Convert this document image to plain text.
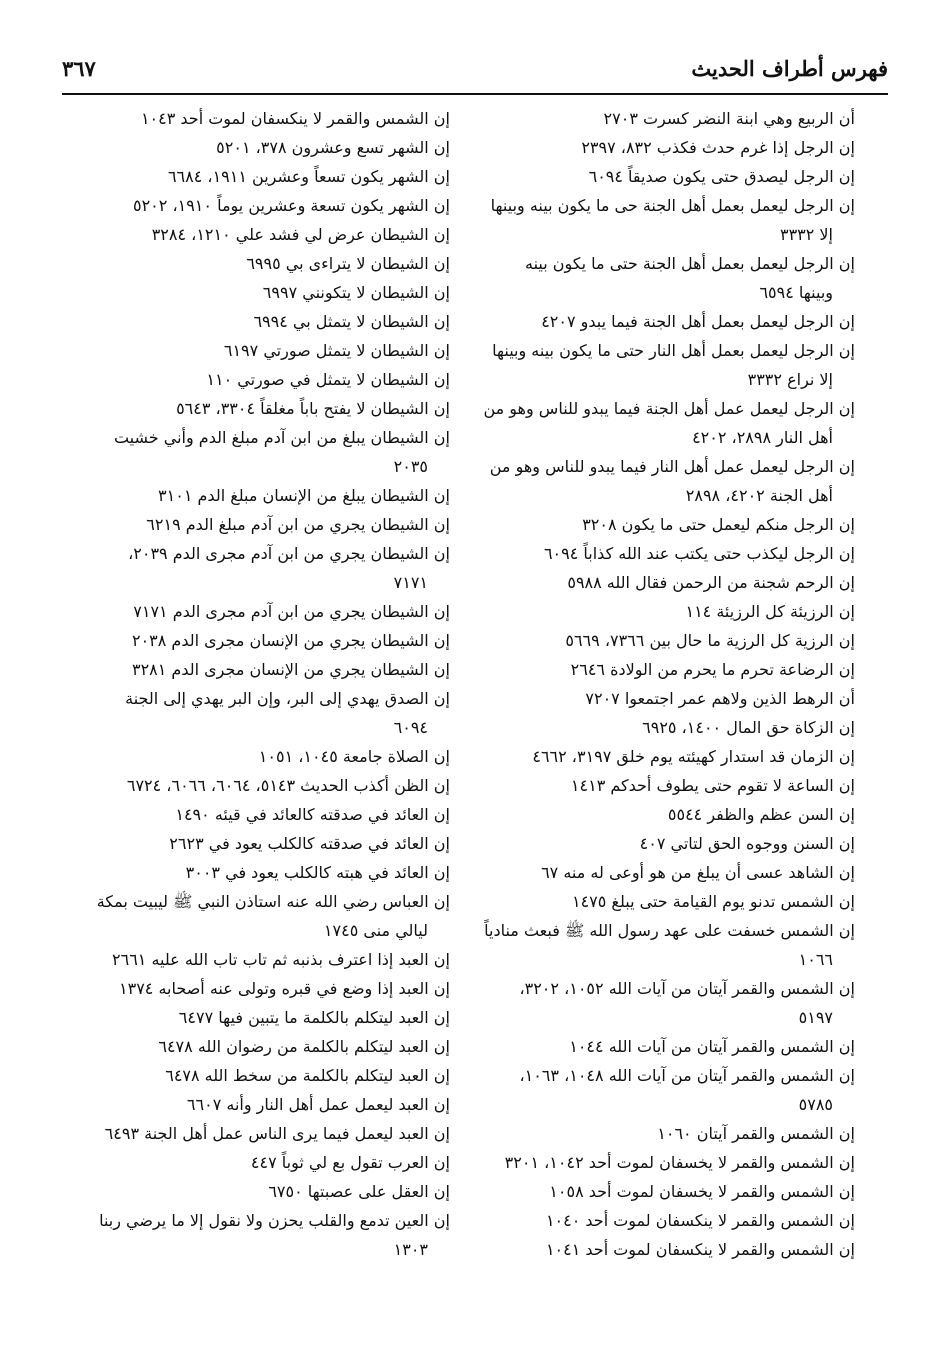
فهرس أطراف الحديث
٣٦٧
أن الربيع وهي ابنة النضر كسرت ٢٧٠٣
إن الرجل إذا غرم حدث فكذب ٨٣٢، ٢٣٩٧
إن الرجل ليصدق حتى يكون صديقاً ٦٠٩٤
إن الرجل ليعمل بعمل أهل الجنة حى ما يكون بينه وبينها
إلا ٣٣٣٢
إن الرجل ليعمل بعمل أهل الجنة حتى ما يكون بينه
وبينها ٦٥٩٤
إن الرجل ليعمل بعمل أهل الجنة فيما يبدو ٤٢٠٧
إن الرجل ليعمل بعمل أهل النار حتى ما يكون بينه وبينها
إلا نراع ٣٣٣٢
إن الرجل ليعمل عمل أهل الجنة فيما يبدو للناس وهو من
أهل النار ٢٨٩٨، ٤٢٠٢
إن الرجل ليعمل عمل أهل النار فيما يبدو للناس وهو من
أهل الجنة ٤٢٠٢، ٢٨٩٨
إن الرجل منكم ليعمل حتى ما يكون ٣٢٠٨
إن الرجل ليكذب حتى يكتب عند الله كذاباً ٦٠٩٤
إن الرحم شجنة من الرحمن فقال الله ٥٩٨٨
إن الرزيئة كل الرزيئة ١١٤
إن الرزية كل الرزية ما حال بين ٧٣٦٦، ٥٦٦٩
إن الرضاعة تحرم ما يحرم من الولادة ٢٦٤٦
أن الرهط الذين ولاهم عمر اجتمعوا ٧٢٠٧
إن الزكاة حق المال ١٤٠٠، ٦٩٢٥
إن الزمان قد استدار كهيئته يوم خلق ٣١٩٧، ٤٦٦٢
إن الساعة لا تقوم حتى يطوف أحدكم ١٤١٣
إن السن عظم والظفر ٥٥٤٤
إن السنن ووجوه الحق لتاتي ٤٠٧
إن الشاهد عسى أن يبلغ من هو أوعى له منه ٦٧
إن الشمس تدنو يوم القيامة حتى يبلغ ١٤٧٥
إن الشمس خسفت على عهد رسول الله ﷺ فبعث منادياً
١٠٦٦
إن الشمس والقمر آيتان من آيات الله ١٠٥٢، ٣٢٠٢،
٥١٩٧
إن الشمس والقمر آيتان من آيات الله ١٠٤٤
إن الشمس والقمر آيتان من آيات الله ١٠٤٨، ١٠٦٣،
٥٧٨٥
إن الشمس والقمر آيتان ١٠٦٠
إن الشمس والقمر لا يخسفان لموت أحد ١٠٤٢، ٣٢٠١
إن الشمس والقمر لا يخسفان لموت أحد ١٠٥٨
إن الشمس والقمر لا ينكسفان لموت أحد ١٠٤٠
إن الشمس والقمر لا ينكسفان لموت أحد ١٠٤١
إن الشمس والقمر لا ينكسفان لموت أحد ١٠٤٣
إن الشهر تسع وعشرون ٣٧٨، ٥٢٠١
إن الشهر يكون تسعاً وعشرين ١٩١١، ٦٦٨٤
إن الشهر يكون تسعة وعشرين يوماً ١٩١٠، ٥٢٠٢
إن الشيطان عرض لي فشد علي ١٢١٠، ٣٢٨٤
إن الشيطان لا يتراءى بي ٦٩٩٥
إن الشيطان لا يتكونني ٦٩٩٧
إن الشيطان لا يتمثل بي ٦٩٩٤
إن الشيطان لا يتمثل صورتي ٦١٩٧
إن الشيطان لا يتمثل في صورتي ١١٠
إن الشيطان لا يفتح باباً مغلقاً ٣٣٠٤، ٥٦٤٣
إن الشيطان يبلغ من ابن آدم مبلغ الدم وأني خشيت
٢٠٣٥
إن الشيطان يبلغ من الإنسان مبلغ الدم ٣١٠١
إن الشيطان يجري من ابن آدم مبلغ الدم ٦٢١٩
إن الشيطان يجري من ابن آدم مجرى الدم ٢٠٣٩،
٧١٧١
إن الشيطان يجري من ابن آدم مجرى الدم ٧١٧١
إن الشيطان يجري من الإنسان مجرى الدم ٢٠٣٨
إن الشيطان يجري من الإنسان مجرى الدم ٣٢٨١
إن الصدق يهدي إلى البر، وإن البر يهدي إلى الجنة
٦٠٩٤
إن الصلاة جامعة ١٠٤٥، ١٠٥١
إن الظن أكذب الحديث ٥١٤٣، ٦٠٦٤، ٦٠٦٦، ٦٧٢٤
إن العائد في صدقته كالعائد في قيئه ١٤٩٠
إن العائد في صدقته كالكلب يعود في ٢٦٢٣
إن العائد في هبته كالكلب يعود في ٣٠٠٣
إن العباس رضي الله عنه استاذن النبي ﷺ ليبيت بمكة
ليالي منى ١٧٤٥
إن العبد إذا اعترف بذنبه ثم تاب تاب الله عليه ٢٦٦١
إن العبد إذا وضع في قبره وتولى عنه أصحابه ١٣٧٤
إن العبد ليتكلم بالكلمة ما يتبين فيها ٦٤٧٧
إن العبد ليتكلم بالكلمة من رضوان الله ٦٤٧٨
إن العبد ليتكلم بالكلمة من سخط الله ٦٤٧٨
إن العبد ليعمل عمل أهل النار وأنه ٦٦٠٧
إن العبد ليعمل فيما يرى الناس عمل أهل الجنة ٦٤٩٣
إن العرب تقول بع لي ثوباً ٤٤٧
إن العقل على عصبتها ٦٧٥٠
إن العين تدمع والقلب يحزن ولا نقول إلا ما يرضي ربنا
١٣٠٣
